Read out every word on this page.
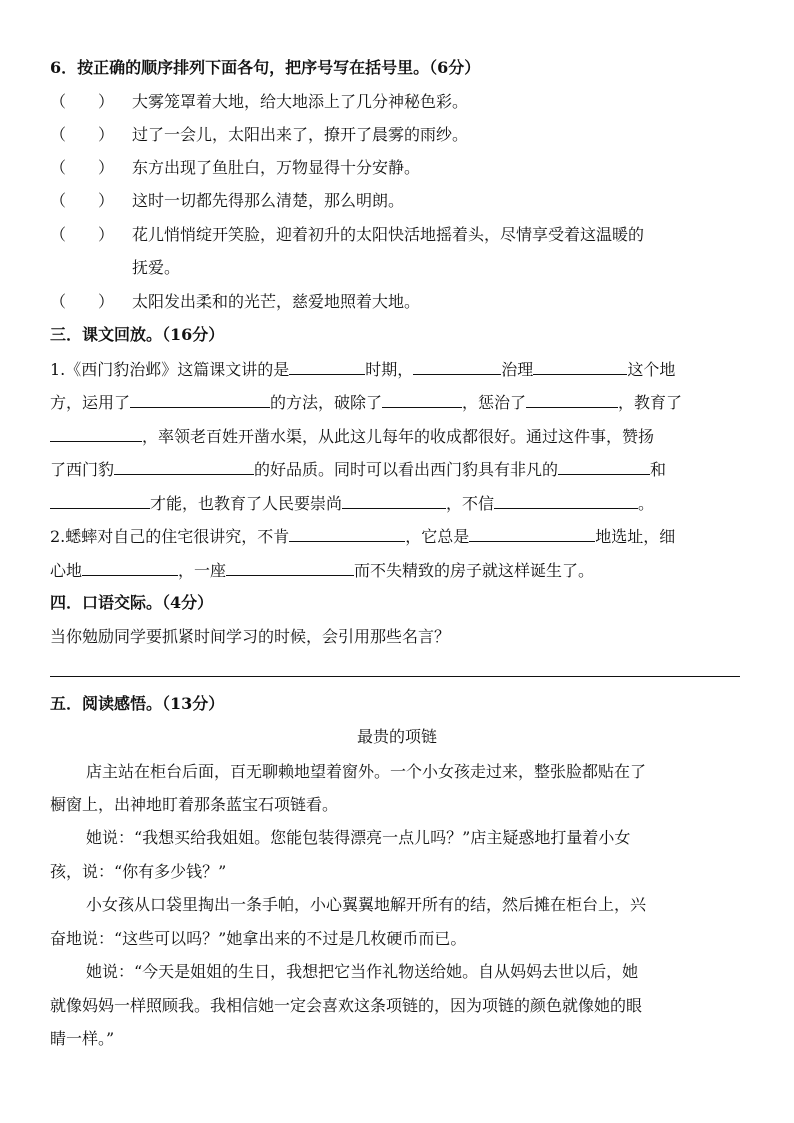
6．按正确的顺序排列下面各句，把序号写在括号里。（6分）
（　　） 大雾笼罩着大地，给大地添上了几分神秘色彩。
（　　） 过了一会儿，太阳出来了，撩开了晨雾的雨纱。
（　　） 东方出现了鱼肚白，万物显得十分安静。
（　　） 这时一切都先得那么清楚，那么明朗。
（　　） 花儿悄悄绽开笑脸，迎着初升的太阳快活地摇着头，尽情享受着这温暖的
抚爱。
（　　） 太阳发出柔和的光芒，慈爱地照着大地。
三．课文回放。（16分）
1.《西门豹治邺》这篇课文讲的是	时期，	治理	这个地
方，运用了	的方法，破除了	，惩治了	，教育了
，率领老百姓开凿水渠，从此这儿每年的收成都很好。通过这件事，赞扬
了西门豹	的好品质。同时可以看出西门豹具有非凡的	和
才能，也教育了人民要崇尚	，不信	。
2.蟋蟀对自己的住宅很讲究，不肯	，它总是	地选址，细
心地	，一座	而不失精致的房子就这样诞生了。
四．口语交际。（4分）
当你勉励同学要抓紧时间学习的时候，会引用那些名言？
五．阅读感悟。（13分）
最贵的项链
店主站在柜台后面，百无聊赖地望着窗外。一个小女孩走过来，整张脸都贴在了
橱窗上，出神地盯着那条蓝宝石项链看。
她说：“我想买给我姐姐。您能包装得漂亮一点儿吗？”店主疑惑地打量着小女
孩，说：“你有多少钱？”
小女孩从口袋里掏出一条手帕，小心翼翼地解开所有的结，然后摊在柜台上，兴
奋地说：“这些可以吗？”她拿出来的不过是几枚硬币而已。
她说：“今天是姐姐的生日，我想把它当作礼物送给她。自从妈妈去世以后，她
就像妈妈一样照顾我。我相信她一定会喜欢这条项链的，因为项链的颜色就像她的眼
睛一样。”
